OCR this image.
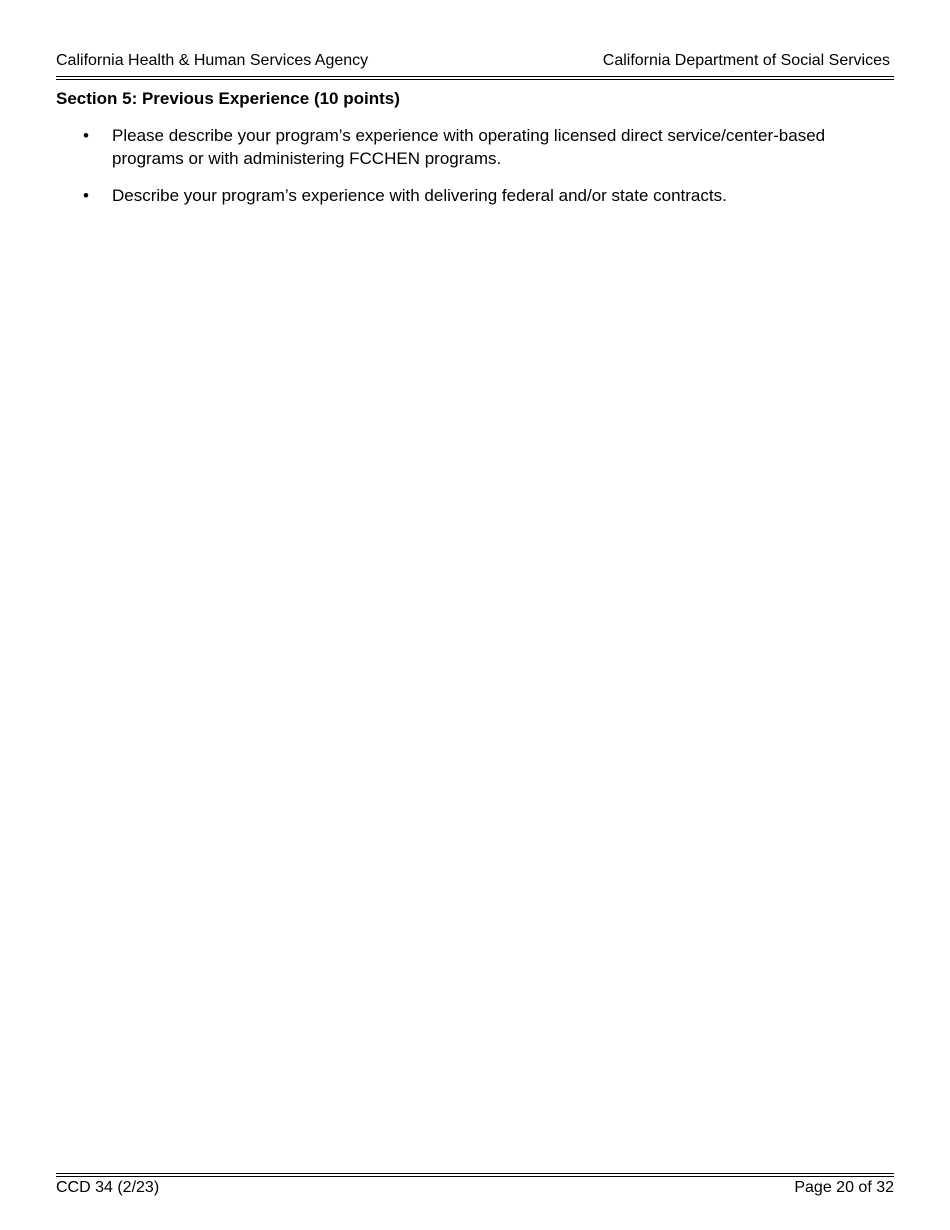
California Health & Human Services Agency	California Department of Social Services
Section 5: Previous Experience (10 points)
• Please describe your program’s experience with operating licensed direct service/center-based programs or with administering FCCHEN programs.
• Describe your program’s experience with delivering federal and/or state contracts.
CCD 34 (2/23)	Page 20 of 32
